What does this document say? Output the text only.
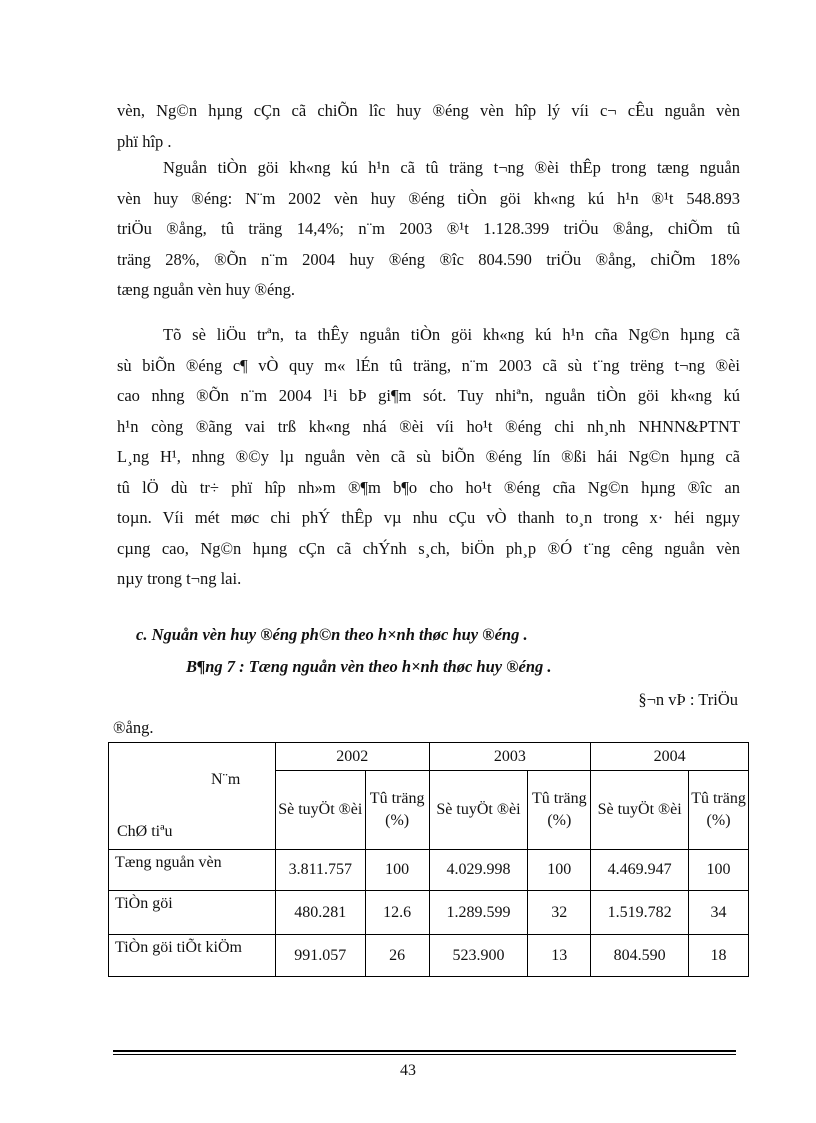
vèn, Ng©n hµng cÇn cã chiÕn lîc huy ®éng vèn hîp lý víi c¬ cÊu nguån vèn
phï hîp .
Nguån tiÒn göi kh«ng kú h¹n cã tû träng t¬ng ®èi thÊp trong tæng nguån
vèn huy ®éng: N¨m 2002 vèn huy ®éng tiÒn göi kh«ng kú h¹n ®¹t 548.893
triÖu ®ång, tû träng 14,4%; n¨m 2003 ®¹t 1.128.399 triÖu ®ång, chiÕm tû
träng 28%, ®Õn n¨m 2004 huy ®éng ®îc 804.590 triÖu ®ång, chiÕm 18%
tæng nguån vèn huy ®éng.
Tõ sè liÖu trªn, ta thÊy nguån tiÒn göi kh«ng kú h¹n cña Ng©n hµng cã
sù biÕn ®éng c¶ vÒ quy m« lÉn tû träng, n¨m 2003 cã sù t¨ng trëng t¬ng ®èi
cao nhng ®Õn n¨m 2004 l¹i bÞ gi¶m sót. Tuy nhiªn, nguån tiÒn göi kh«ng kú
h¹n còng ®ãng vai trß kh«ng nhá ®èi víi ho¹t ®éng chi nh¸nh NHNN&PTNT
L¸ng H¹, nhng ®©y lµ nguån vèn cã sù biÕn ®éng lín ®ßi hái Ng©n hµng cã
tû lÖ dù tr÷ phï hîp nh»m ®¶m b¶o cho ho¹t ®éng cña Ng©n hµng ®îc an
toµn. Víi mét møc chi phÝ thÊp vµ nhu cÇu vÒ thanh to¸n trong x· héi ngµy
cµng cao, Ng©n hµng cÇn cã chÝnh s¸ch, biÖn ph¸p ®Ó t¨ng cêng nguån vèn
nµy trong t¬ng lai.

c. Nguån vèn huy ®éng ph©n theo h×nh thøc huy ®éng .

B¶ng 7 : Tæng nguån vèn theo h×nh thøc huy ®éng .

§¬n vÞ : TriÖu

®ång.

N¨m
ChØ tiªu	2002		2003		2004	
	Sè tuyÖt ®èi	Tû träng (%)	Sè tuyÖt ®èi	Tû träng (%)	Sè tuyÖt ®èi	Tû träng (%)
Tæng nguån vèn	3.811.757	100	4.029.998	100	4.469.947	100
TiÒn göi	480.281	12.6	1.289.599	32	1.519.782	34
TiÒn göi tiÕt kiÖm	991.057	26	523.900	13	804.590	18
43
